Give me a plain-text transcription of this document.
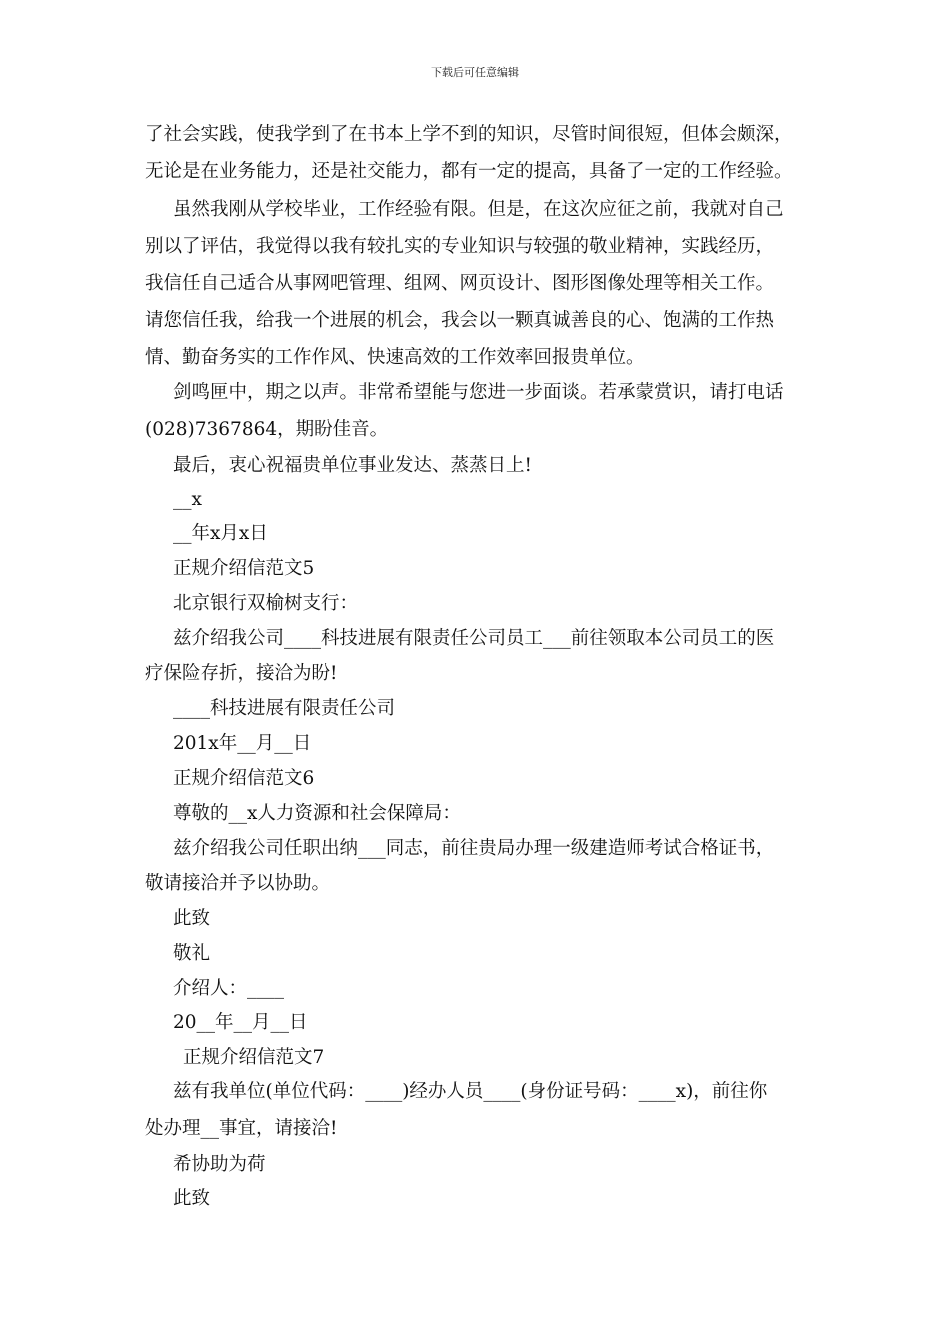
下载后可任意编辑
了社会实践，使我学到了在书本上学不到的知识，尽管时间很短，但体会颇深，
无论是在业务能力，还是社交能力，都有一定的提高，具备了一定的工作经验。
虽然我刚从学校毕业，工作经验有限。但是，在这次应征之前，我就对自己
别以了评估，我觉得以我有较扎实的专业知识与较强的敬业精神，实践经历，
我信任自己适合从事网吧管理、组网、网页设计、图形图像处理等相关工作。
请您信任我，给我一个进展的机会，我会以一颗真诚善良的心、饱满的工作热
情、勤奋务实的工作作风、快速高效的工作效率回报贵单位。
剑鸣匣中，期之以声。非常希望能与您进一步面谈。若承蒙赏识，请打电话
(028)7367864，期盼佳音。
最后，衷心祝福贵单位事业发达、蒸蒸日上!
__x
__年x月x日
正规介绍信范文5
北京银行双榆树支行：
兹介绍我公司____科技进展有限责任公司员工___前往领取本公司员工的医
疗保险存折，接洽为盼!
____科技进展有限责任公司
201x年__月__日
正规介绍信范文6
尊敬的__x人力资源和社会保障局：
兹介绍我公司任职出纳___同志，前往贵局办理一级建造师考试合格证书，
敬请接洽并予以协助。
此致
敬礼
介绍人：____
20__年__月__日
正规介绍信范文7
兹有我单位(单位代码：____)经办人员____(身份证号码：____x)，前往你
处办理__事宜，请接洽!
希协助为荷
此致
